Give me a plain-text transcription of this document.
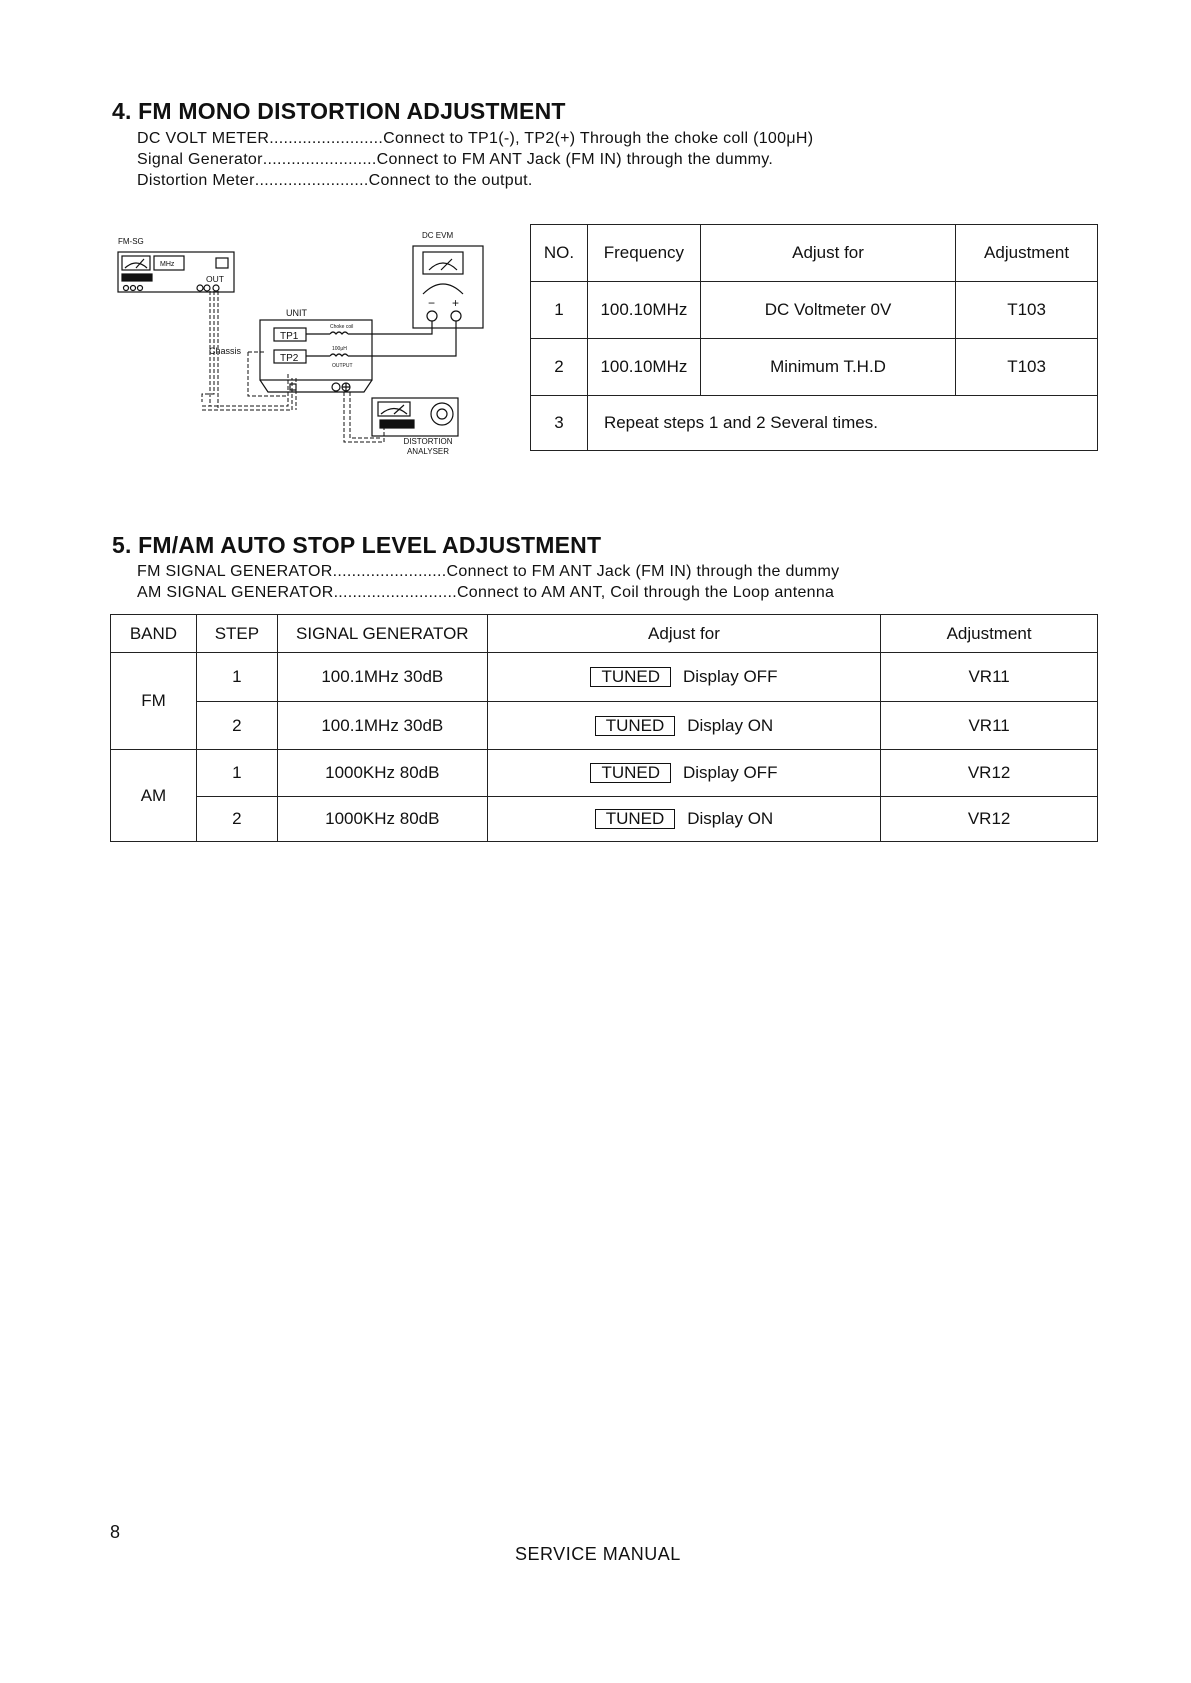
4. FM MONO DISTORTION ADJUSTMENT
DC VOLT METER ........................ Connect to TP1(-), TP2(+) Through the choke coll (100μH)
Signal Generator ........................ Connect to FM ANT Jack (FM IN) through the dummy.
Distortion Meter ........................ Connect to the output.
FM-SG
MHz
OUT
DC EVM
− +
UNIT
Choke coil
TP1
TP2
Chassis	100μH
OUTPUT
DISTORTION
ANALYSER
NO.	Frequency	Adjust for	Adjustment
1	100.10MHz	DC Voltmeter 0V	T103
2	100.10MHz	Minimum T.H.D	T103
3	Repeat steps 1 and 2 Several times.		
5. FM/AM AUTO STOP LEVEL ADJUSTMENT
FM SIGNAL GENERATOR ........................ Connect to FM ANT Jack (FM IN) through the dummy
AM SIGNAL GENERATOR .......................... Connect to AM ANT, Coil through the Loop antenna
BAND	STEP	SIGNAL GENERATOR	Adjust for	Adjustment
FM	1	100.1MHz 30dB	TUNED Display OFF	VR11
	2	100.1MHz 30dB	TUNED Display ON	VR11
AM	1	1000KHz 80dB	TUNED Display OFF	VR12
	2	1000KHz 80dB	TUNED Display ON	VR12
8
SERVICE MANUAL
